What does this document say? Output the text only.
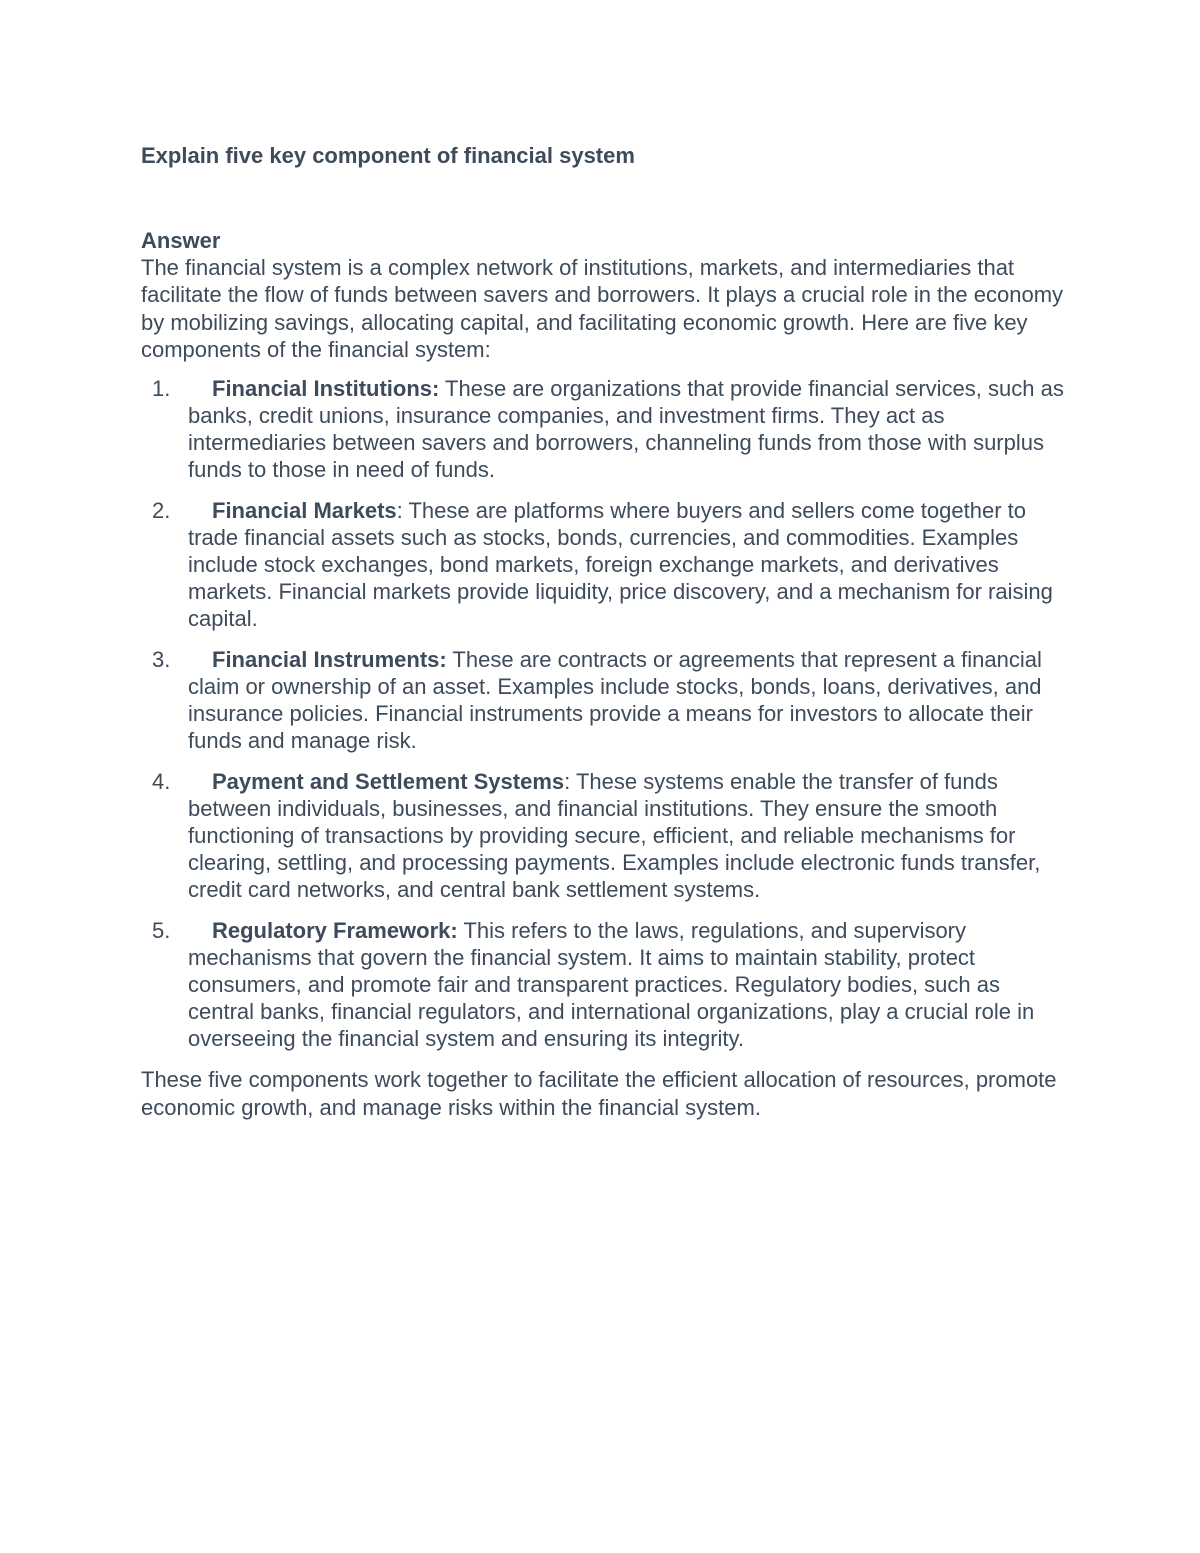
Explain five key component of financial system
Answer

The financial system is a complex network of institutions, markets, and intermediaries that facilitate the flow of funds between savers and borrowers. It plays a crucial role in the economy by mobilizing savings, allocating capital, and facilitating economic growth. Here are five key components of the financial system:

1.	Financial Institutions: These are organizations that provide financial services, such as banks, credit unions, insurance companies, and investment firms. They act as intermediaries between savers and borrowers, channeling funds from those with surplus funds to those in need of funds.
2.	Financial Markets: These are platforms where buyers and sellers come together to trade financial assets such as stocks, bonds, currencies, and commodities. Examples include stock exchanges, bond markets, foreign exchange markets, and derivatives markets. Financial markets provide liquidity, price discovery, and a mechanism for raising capital.
3.	Financial Instruments: These are contracts or agreements that represent a financial claim or ownership of an asset. Examples include stocks, bonds, loans, derivatives, and insurance policies. Financial instruments provide a means for investors to allocate their funds and manage risk.
4.	Payment and Settlement Systems: These systems enable the transfer of funds between individuals, businesses, and financial institutions. They ensure the smooth functioning of transactions by providing secure, efficient, and reliable mechanisms for clearing, settling, and processing payments. Examples include electronic funds transfer, credit card networks, and central bank settlement systems.
5.	Regulatory Framework: This refers to the laws, regulations, and supervisory mechanisms that govern the financial system. It aims to maintain stability, protect consumers, and promote fair and transparent practices. Regulatory bodies, such as central banks, financial regulators, and international organizations, play a crucial role in overseeing the financial system and ensuring its integrity.

These five components work together to facilitate the efficient allocation of resources, promote economic growth, and manage risks within the financial system.
